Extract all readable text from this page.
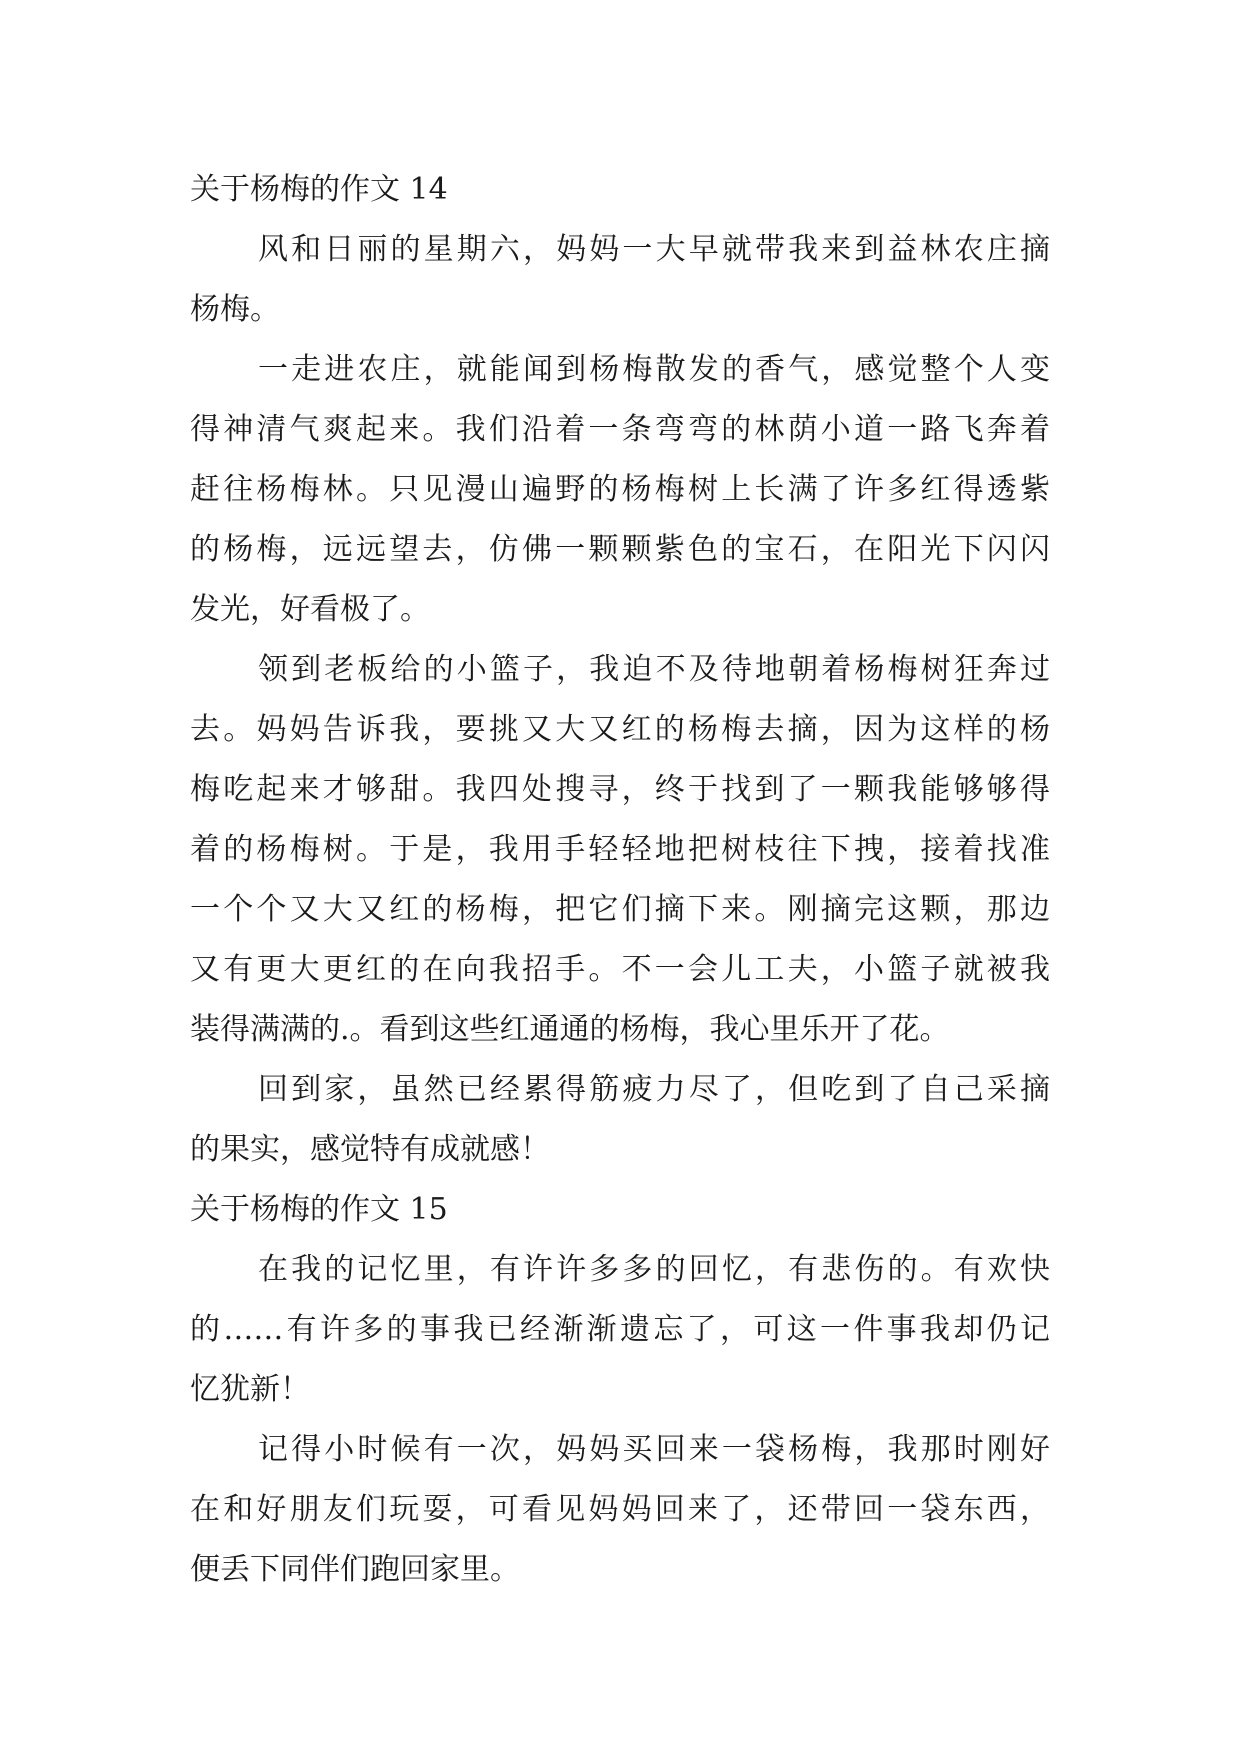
关于杨梅的作文 14
风和日丽的星期六，妈妈一大早就带我来到益林农庄摘
杨梅。
一走进农庄，就能闻到杨梅散发的香气，感觉整个人变
得神清气爽起来。我们沿着一条弯弯的林荫小道一路飞奔着
赶往杨梅林。只见漫山遍野的杨梅树上长满了许多红得透紫
的杨梅，远远望去，仿佛一颗颗紫色的宝石，在阳光下闪闪
发光，好看极了。
领到老板给的小篮子，我迫不及待地朝着杨梅树狂奔过
去。妈妈告诉我，要挑又大又红的杨梅去摘，因为这样的杨
梅吃起来才够甜。我四处搜寻，终于找到了一颗我能够够得
着的杨梅树。于是，我用手轻轻地把树枝往下拽，接着找准
一个个又大又红的杨梅，把它们摘下来。刚摘完这颗，那边
又有更大更红的在向我招手。不一会儿工夫，小篮子就被我
装得满满的.。看到这些红通通的杨梅，我心里乐开了花。
回到家，虽然已经累得筋疲力尽了，但吃到了自己采摘
的果实，感觉特有成就感！
关于杨梅的作文 15
在我的记忆里，有许许多多的回忆，有悲伤的。有欢快
的……有许多的事我已经渐渐遗忘了，可这一件事我却仍记
忆犹新！
记得小时候有一次，妈妈买回来一袋杨梅，我那时刚好
在和好朋友们玩耍，可看见妈妈回来了，还带回一袋东西，
便丢下同伴们跑回家里。
